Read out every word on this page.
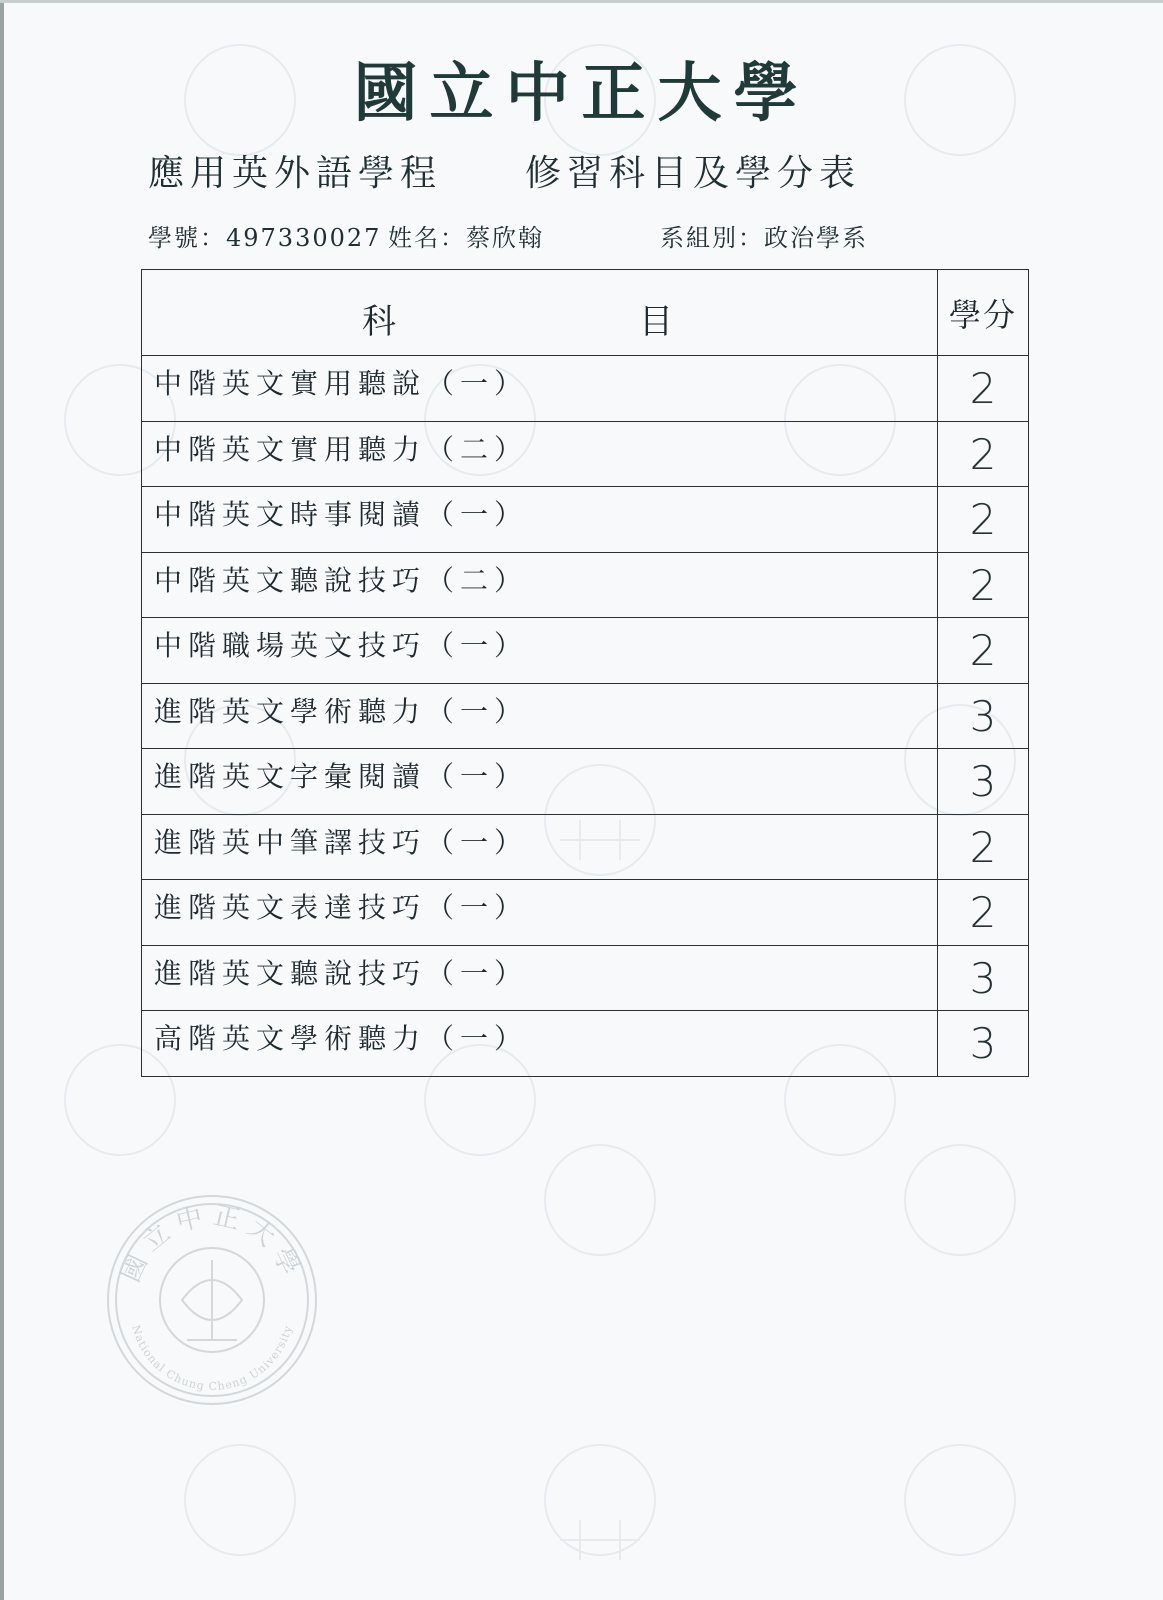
國立中正大學
應用英外語學程 修習科目及學分表
學號：497330027 姓名：蔡欣翰	系組別：政治學系
科 目	學分
中階英文實用聽說（一）	2
中階英文實用聽力（二）	2
中階英文時事閱讀（一）	2
中階英文聽說技巧（二）	2
中階職場英文技巧（一）	2
進階英文學術聽力（一）	3
進階英文字彙閱讀（一）	3
進階英中筆譯技巧（一）	2
進階英文表達技巧（一）	2
進階英文聽說技巧（一）	3
高階英文學術聽力（一）	3
國立中正大學
National Chung Cheng University
